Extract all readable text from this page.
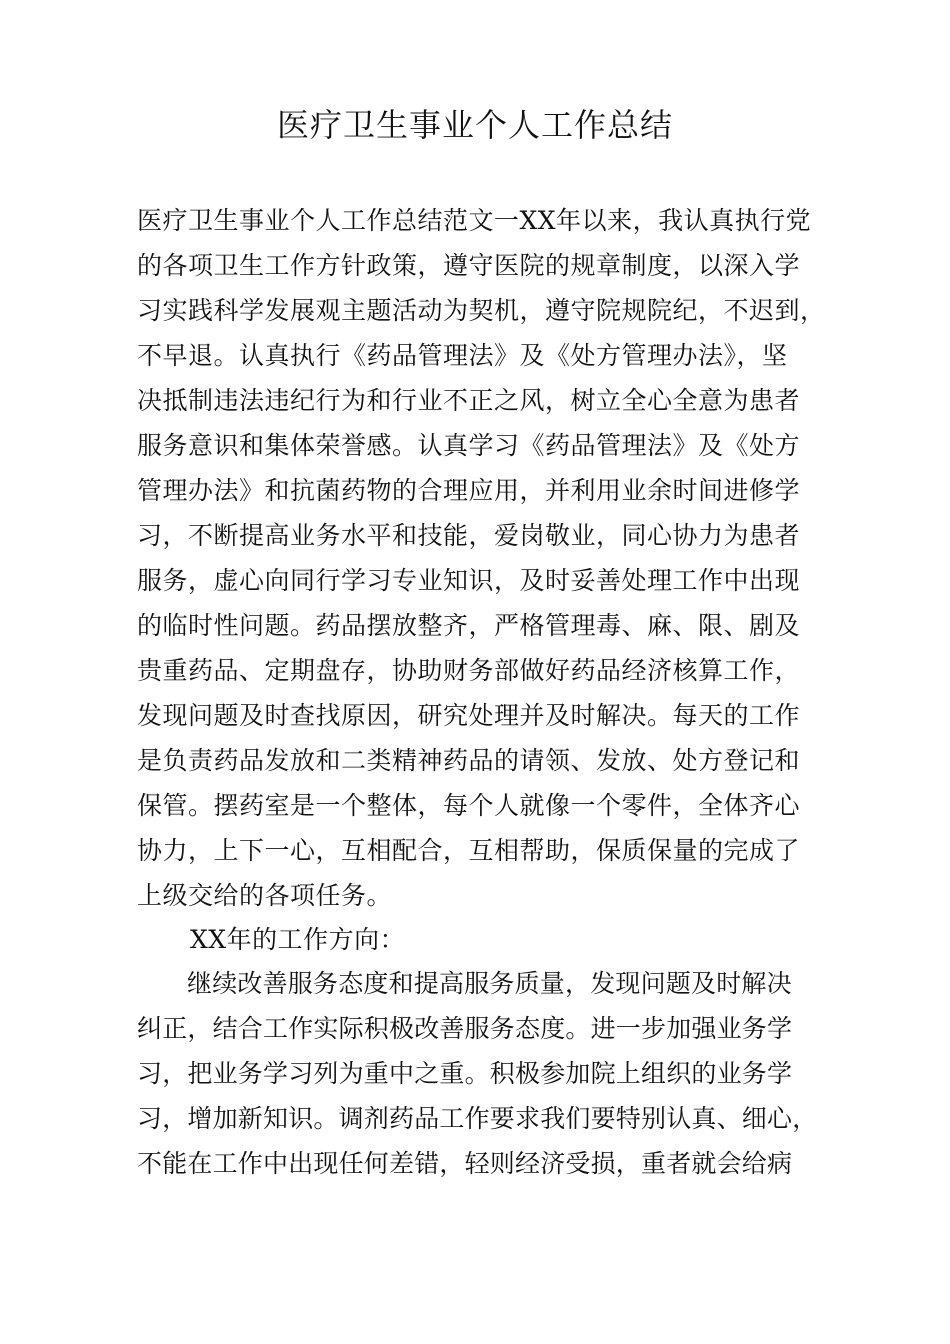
医疗卫生事业个人工作总结
医疗卫生事业个人工作总结范文一XX年以来，我认真执行党
的各项卫生工作方针政策，遵守医院的规章制度，以深入学
习实践科学发展观主题活动为契机，遵守院规院纪，不迟到，
不早退。认真执行《药品管理法》及《处方管理办法》，坚
决抵制违法违纪行为和行业不正之风，树立全心全意为患者
服务意识和集体荣誉感。认真学习《药品管理法》及《处方
管理办法》和抗菌药物的合理应用，并利用业余时间进修学
习，不断提高业务水平和技能，爱岗敬业，同心协力为患者
服务，虚心向同行学习专业知识，及时妥善处理工作中出现
的临时性问题。药品摆放整齐，严格管理毒、麻、限、剧及
贵重药品、定期盘存，协助财务部做好药品经济核算工作，
发现问题及时查找原因，研究处理并及时解决。每天的工作
是负责药品发放和二类精神药品的请领、发放、处方登记和
保管。摆药室是一个整体，每个人就像一个零件，全体齐心
协力，上下一心，互相配合，互相帮助，保质保量的完成了
上级交给的各项任务。
XX年的工作方向：
继续改善服务态度和提高服务质量，发现问题及时解决
纠正，结合工作实际积极改善服务态度。进一步加强业务学
习，把业务学习列为重中之重。积极参加院上组织的业务学
习，增加新知识。调剂药品工作要求我们要特别认真、细心，
不能在工作中出现任何差错，轻则经济受损，重者就会给病
